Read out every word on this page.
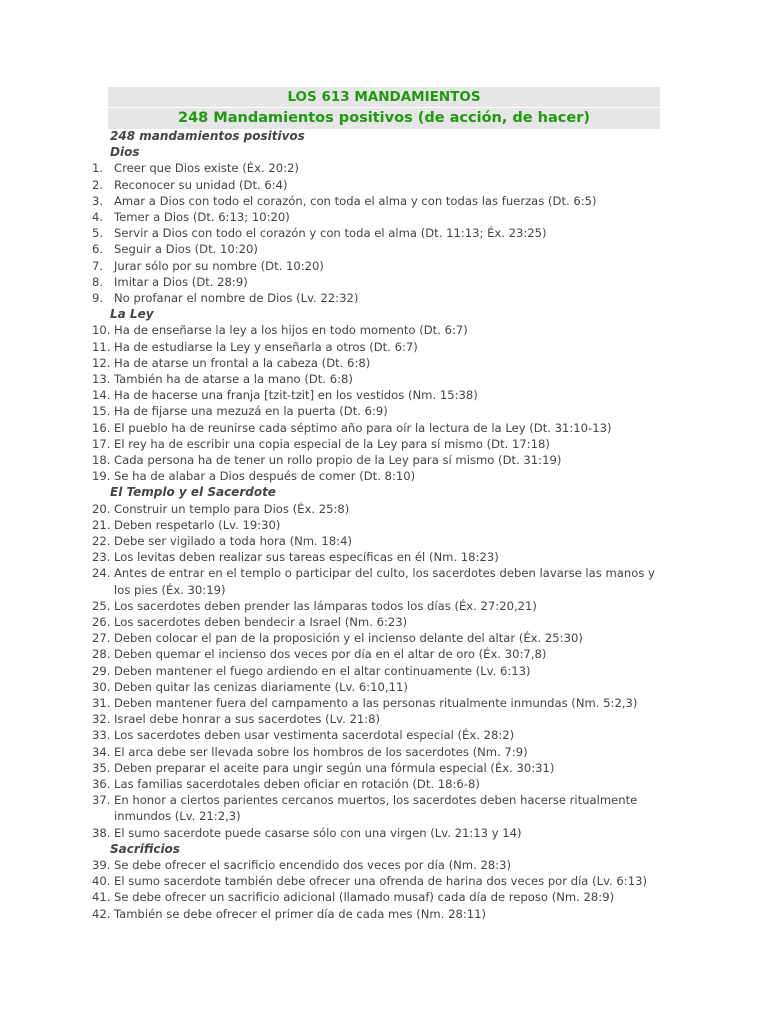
LOS 613 MANDAMIENTOS
248 Mandamientos positivos (de acción, de hacer)
248 mandamientos positivos
Dios
1. Creer que Dios existe (Éx. 20:2)
2. Reconocer su unidad (Dt. 6:4)
3. Amar a Dios con todo el corazón, con toda el alma y con todas las fuerzas (Dt. 6:5)
4. Temer a Dios (Dt. 6:13; 10:20)
5. Servir a Dios con todo el corazón y con toda el alma (Dt. 11:13; Éx. 23:25)
6. Seguir a Dios (Dt. 10:20)
7. Jurar sólo por su nombre (Dt. 10:20)
8. Imitar a Dios (Dt. 28:9)
9. No profanar el nombre de Dios (Lv. 22:32)
La Ley
10. Ha de enseñarse la ley a los hijos en todo momento (Dt. 6:7)
11. Ha de estudiarse la Ley y enseñarla a otros (Dt. 6:7)
12. Ha de atarse un frontal a la cabeza (Dt. 6:8)
13. También ha de atarse a la mano (Dt. 6:8)
14. Ha de hacerse una franja [tzit-tzit] en los vestidos (Nm. 15:38)
15. Ha de fijarse una mezuzá en la puerta (Dt. 6:9)
16. El pueblo ha de reunirse cada séptimo año para oír la lectura de la Ley (Dt. 31:10-13)
17. El rey ha de escribir una copia especial de la Ley para sí mismo (Dt. 17:18)
18. Cada persona ha de tener un rollo propio de la Ley para sí mismo (Dt. 31:19)
19. Se ha de alabar a Dios después de comer (Dt. 8:10)
El Templo y el Sacerdote
20. Construir un templo para Dios (Éx. 25:8)
21. Deben respetarlo (Lv. 19:30)
22. Debe ser vigilado a toda hora (Nm. 18:4)
23. Los levitas deben realizar sus tareas específicas en él (Nm. 18:23)
24. Antes de entrar en el templo o participar del culto, los sacerdotes deben lavarse las manos y los pies (Éx. 30:19)
25. Los sacerdotes deben prender las lámparas todos los días (Éx. 27:20,21)
26. Los sacerdotes deben bendecir a Israel (Nm. 6:23)
27. Deben colocar el pan de la proposición y el incienso delante del altar (Éx. 25:30)
28. Deben quemar el incienso dos veces por día en el altar de oro (Éx. 30:7,8)
29. Deben mantener el fuego ardiendo en el altar continuamente (Lv. 6:13)
30. Deben quitar las cenizas diariamente (Lv. 6:10,11)
31. Deben mantener fuera del campamento a las personas ritualmente inmundas (Nm. 5:2,3)
32. Israel debe honrar a sus sacerdotes (Lv. 21:8)
33. Los sacerdotes deben usar vestimenta sacerdotal especial (Éx. 28:2)
34. El arca debe ser llevada sobre los hombros de los sacerdotes (Nm. 7:9)
35. Deben preparar el aceite para ungir según una fórmula especial (Éx. 30:31)
36. Las familias sacerdotales deben oficiar en rotación (Dt. 18:6-8)
37. En honor a ciertos parientes cercanos muertos, los sacerdotes deben hacerse ritualmente inmundos (Lv. 21:2,3)
38. El sumo sacerdote puede casarse sólo con una virgen (Lv. 21:13 y 14)
Sacrificios
39. Se debe ofrecer el sacrificio encendido dos veces por día (Nm. 28:3)
40. El sumo sacerdote también debe ofrecer una ofrenda de harina dos veces por día (Lv. 6:13)
41. Se debe ofrecer un sacrificio adicional (llamado musaf) cada día de reposo (Nm. 28:9)
42. También se debe ofrecer el primer día de cada mes (Nm. 28:11)
